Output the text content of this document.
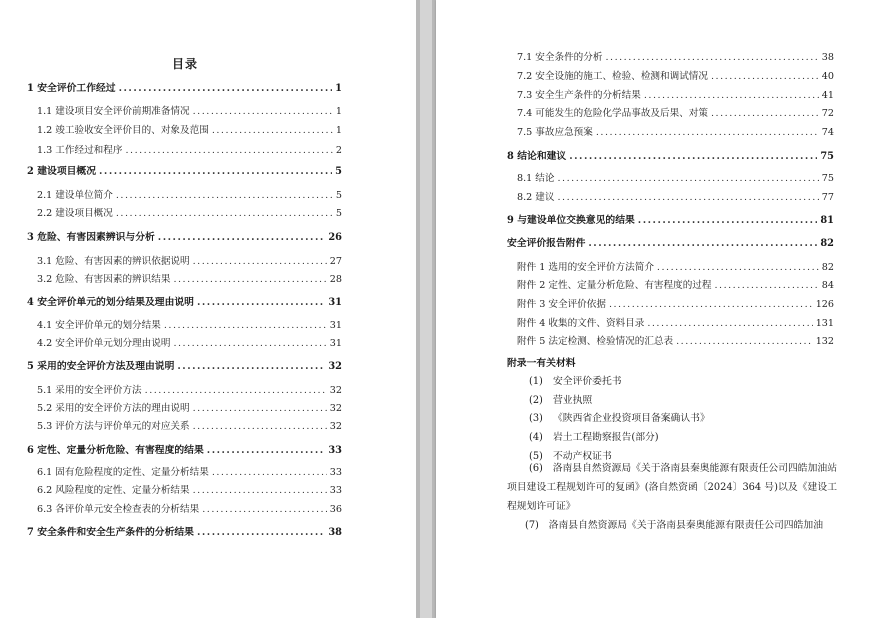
目录
1 安全评价工作经过 .....	1
1.1 建设项目安全评价前期准备情况 .....	1
1.2 竣工验收安全评价目的、对象及范围 .....	1
1.3 工作经过和程序 .....	2
2 建设项目概况 .....	5
2.1 建设单位简介 .....	5
2.2 建设项目概况 .....	5
3 危险、有害因素辨识与分析 .....	26
3.1 危险、有害因素的辨识依据说明 .....	27
3.2 危险、有害因素的辨识结果 .....	28
4 安全评价单元的划分结果及理由说明 .....	31
4.1 安全评价单元的划分结果 .....	31
4.2 安全评价单元划分理由说明 .....	31
5 采用的安全评价方法及理由说明 .....	32
5.1 采用的安全评价方法 .....	32
5.2 采用的安全评价方法的理由说明 .....	32
5.3 评价方法与评价单元的对应关系 .....	32
6 定性、定量分析危险、有害程度的结果 .....	33
6.1 固有危险程度的定性、定量分析结果 .....	33
6.2 风险程度的定性、定量分析结果 .....	33
6.3 各评价单元安全检查表的分析结果 .....	36
7 安全条件和安全生产条件的分析结果 .....	38
7.1 安全条件的分析 .....	38
7.2 安全设施的施工、检验、检测和调试情况 .....	40
7.3 安全生产条件的分析结果 .....	41
7.4 可能发生的危险化学品事故及后果、对策 .....	72
7.5 事故应急预案 .....	74
8 结论和建议 .....	75
8.1 结论 .....	75
8.2 建议 .....	77
9 与建设单位交换意见的结果 .....	81
安全评价报告附件 .....	82
附件 1 选用的安全评价方法简介 .....	82
附件 2 定性、定量分析危险、有害程度的过程 .....	84
附件 3 安全评价依据 .....	126
附件 4 收集的文件、资料目录 .....	131
附件 5 法定检测、检验情况的汇总表 .....	132
附录一有关材料
(1) 安全评价委托书
(2) 营业执照
(3) 《陕西省企业投资项目备案确认书》
(4) 岩土工程勘察报告(部分)
(5) 不动产权证书
(6)　洛南县自然资源局《关于洛南县秦奥能源有限责任公司四皓加油站项目建设工程规划许可的复函》(洛自然资函〔2024〕364 号)以及《建设工程规划许可证》
(7)　洛南县自然资源局《关于洛南县秦奥能源有限责任公司四皓加油
